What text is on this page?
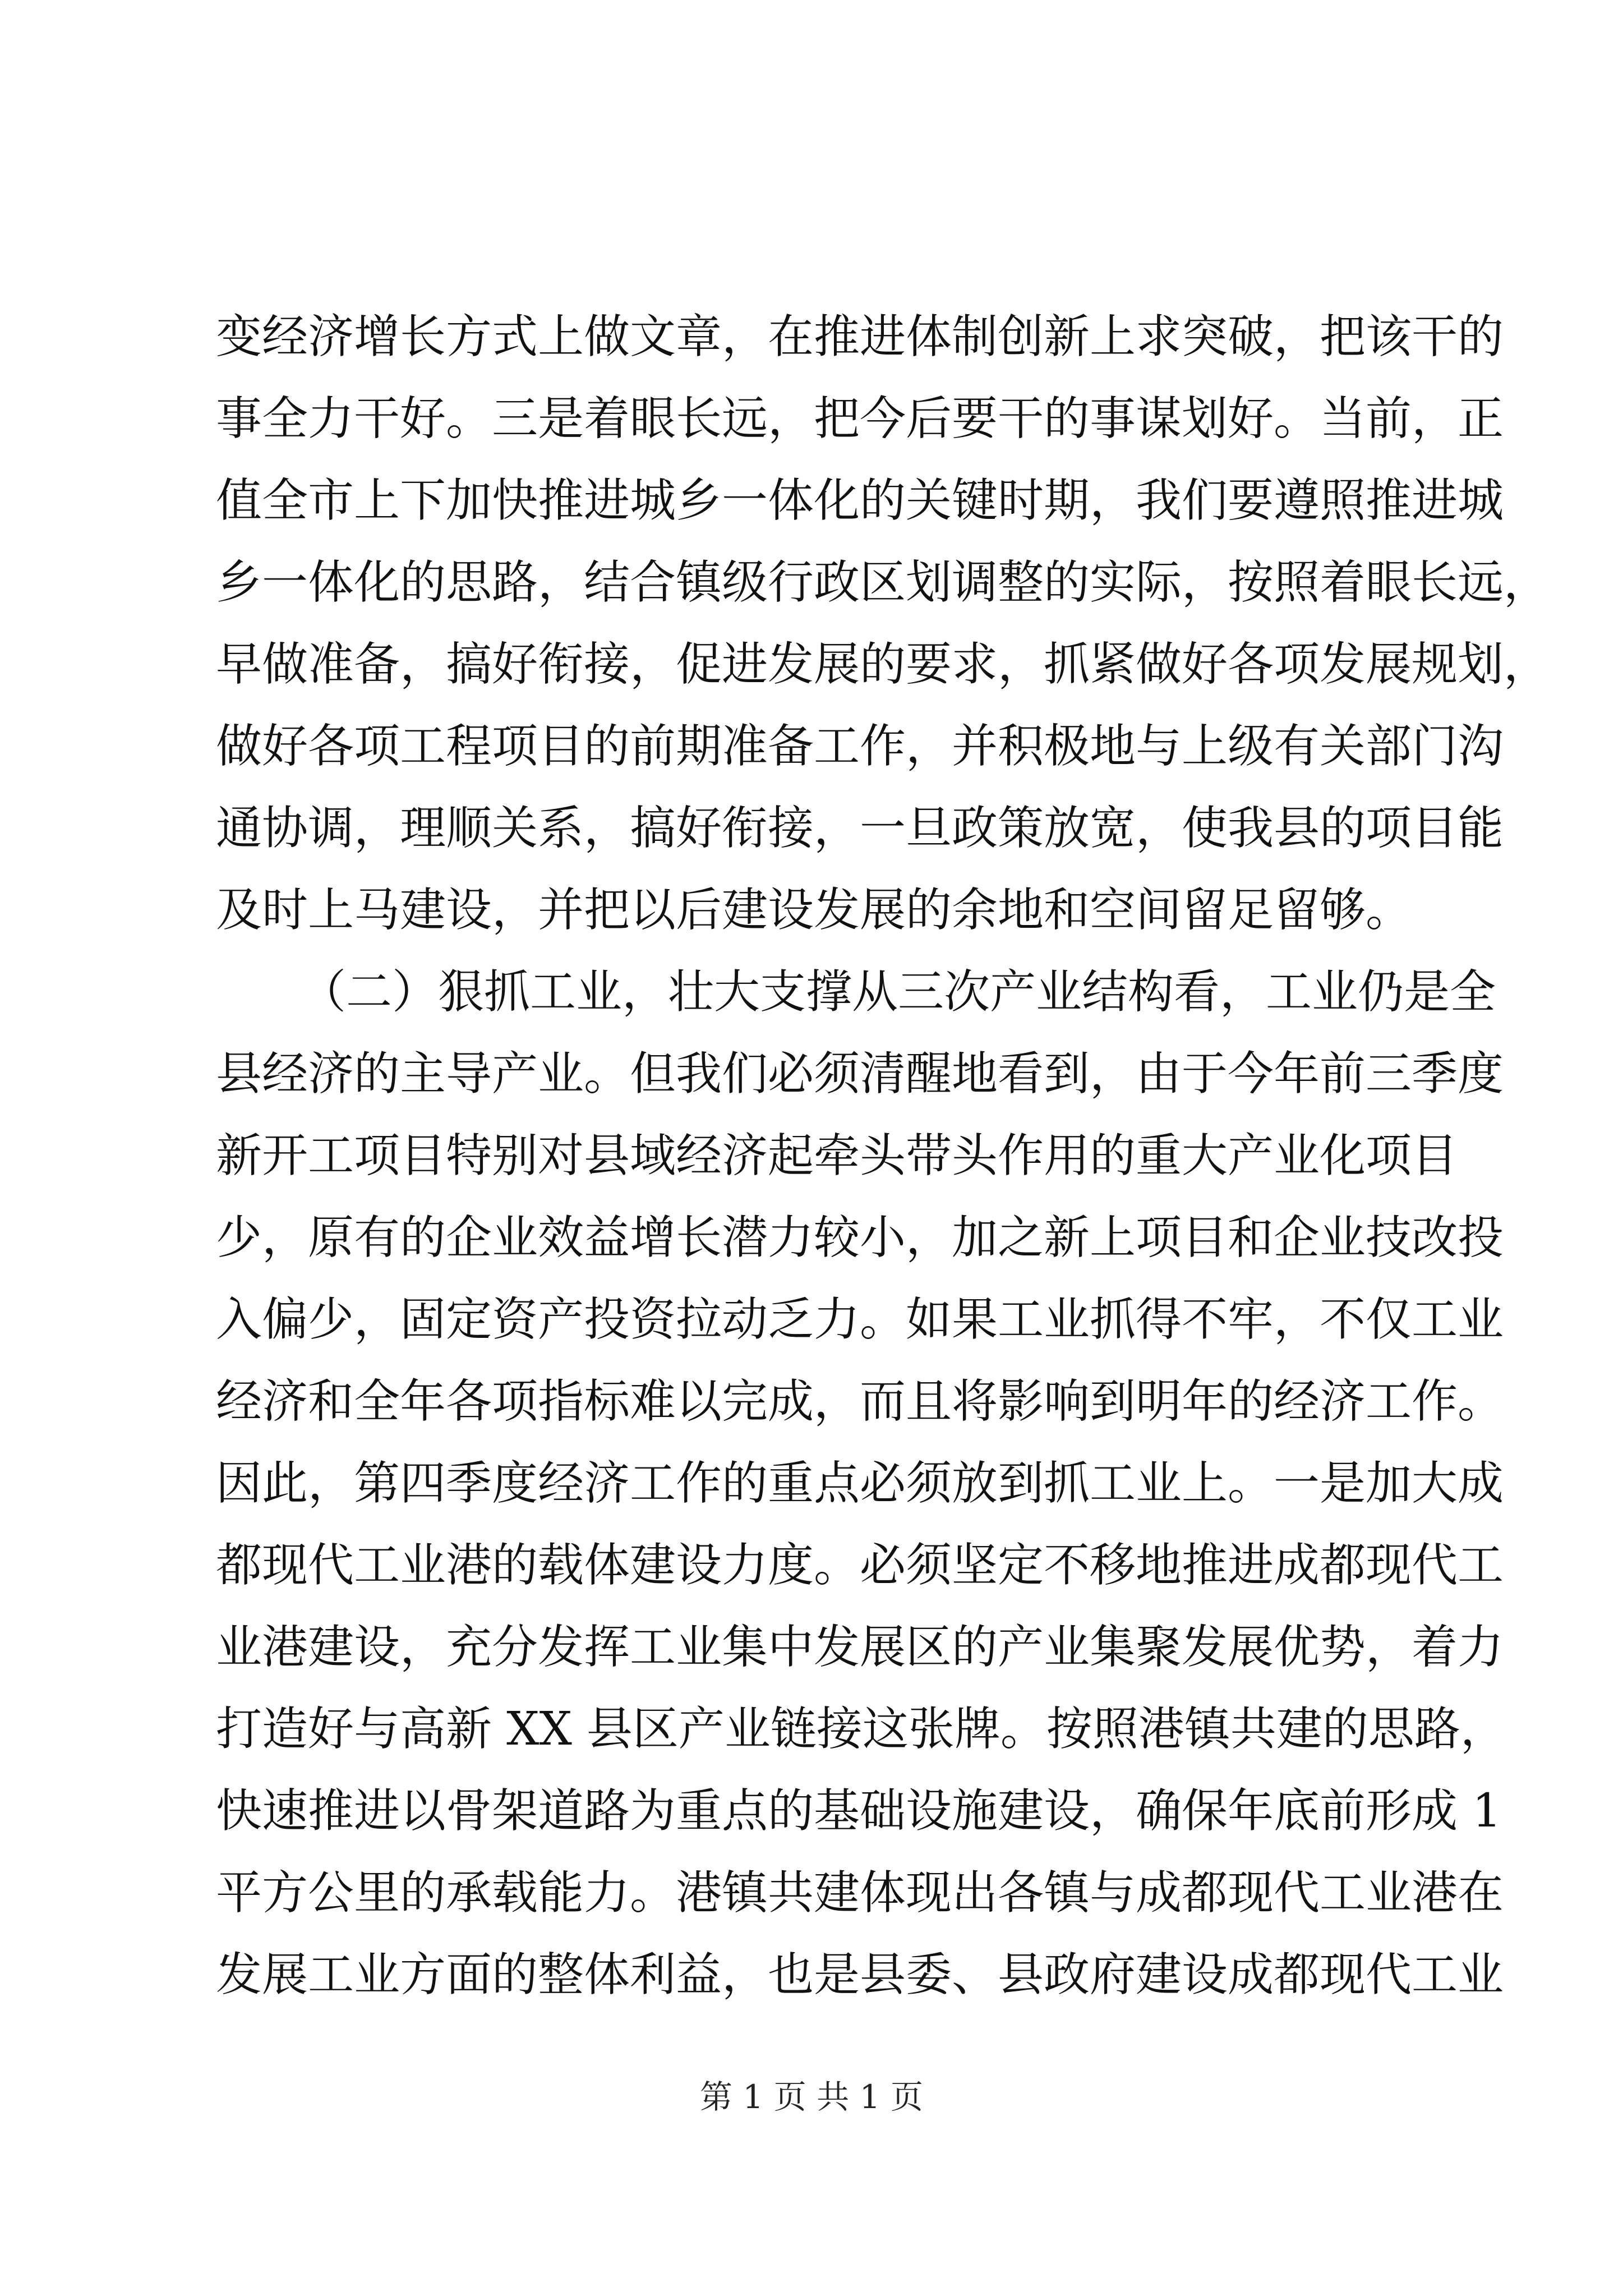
变经济增长方式上做文章，在推进体制创新上求突破，把该干的
事全力干好。三是着眼长远，把今后要干的事谋划好。当前，正
值全市上下加快推进城乡一体化的关键时期，我们要遵照推进城
乡一体化的思路，结合镇级行政区划调整的实际，按照着眼长远，
早做准备，搞好衔接，促进发展的要求，抓紧做好各项发展规划，
做好各项工程项目的前期准备工作，并积极地与上级有关部门沟
通协调，理顺关系，搞好衔接，一旦政策放宽，使我县的项目能
及时上马建设，并把以后建设发展的余地和空间留足留够。
（二）狠抓工业，壮大支撑从三次产业结构看，工业仍是全
县经济的主导产业。但我们必须清醒地看到，由于今年前三季度
新开工项目特别对县域经济起牵头带头作用的重大产业化项目
少，原有的企业效益增长潜力较小，加之新上项目和企业技改投
入偏少，固定资产投资拉动乏力。如果工业抓得不牢，不仅工业
经济和全年各项指标难以完成，而且将影响到明年的经济工作。
因此，第四季度经济工作的重点必须放到抓工业上。一是加大成
都现代工业港的载体建设力度。必须坚定不移地推进成都现代工
业港建设，充分发挥工业集中发展区的产业集聚发展优势，着力
打造好与高新 XX 县区产业链接这张牌。按照港镇共建的思路，
快速推进以骨架道路为重点的基础设施建设，确保年底前形成 1
平方公里的承载能力。港镇共建体现出各镇与成都现代工业港在
发展工业方面的整体利益，也是县委、县政府建设成都现代工业
第 1 页 共 1 页
